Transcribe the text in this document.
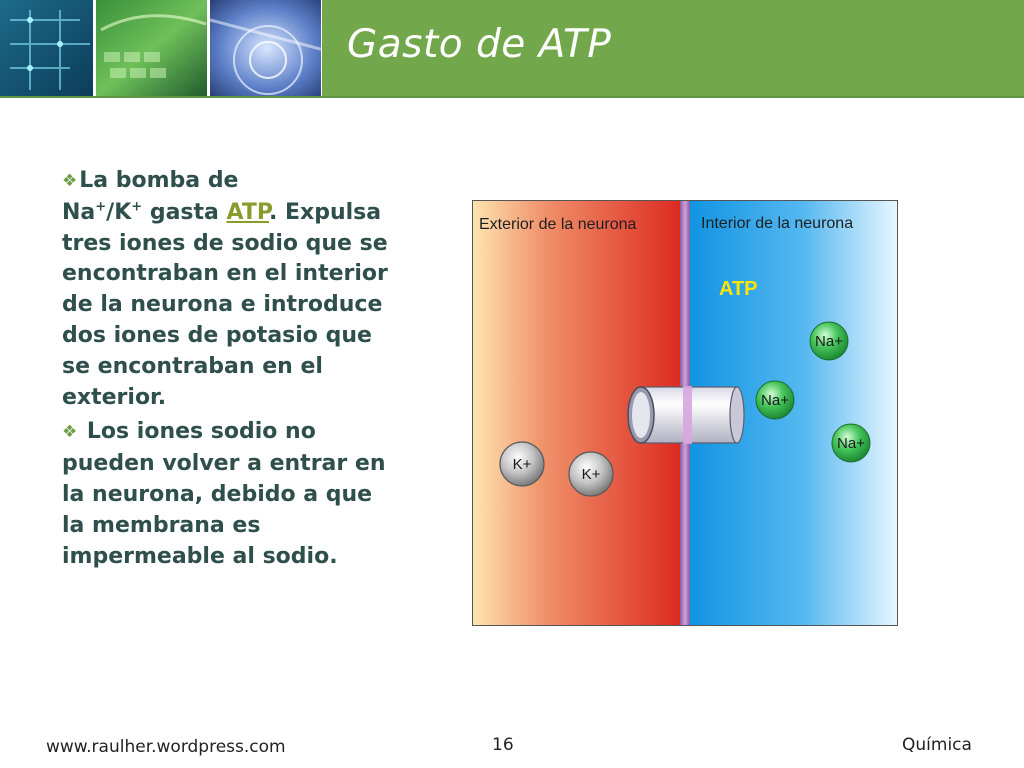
Gasto de ATP

❖La bomba de
Na+/K+ gasta ATP. Expulsa tres iones de sodio que se encontraban en el interior de la neurona e introduce dos iones de potasio que se encontraban en el exterior.

❖ Los iones sodio no pueden volver a entrar en la neurona, debido a que la membrana es impermeable al sodio.

Exterior de la neurona	Interior de la neurona
ATP
Na+
Na+
Na+
K+
K+
www.raulher.wordpress.com	16	Química
